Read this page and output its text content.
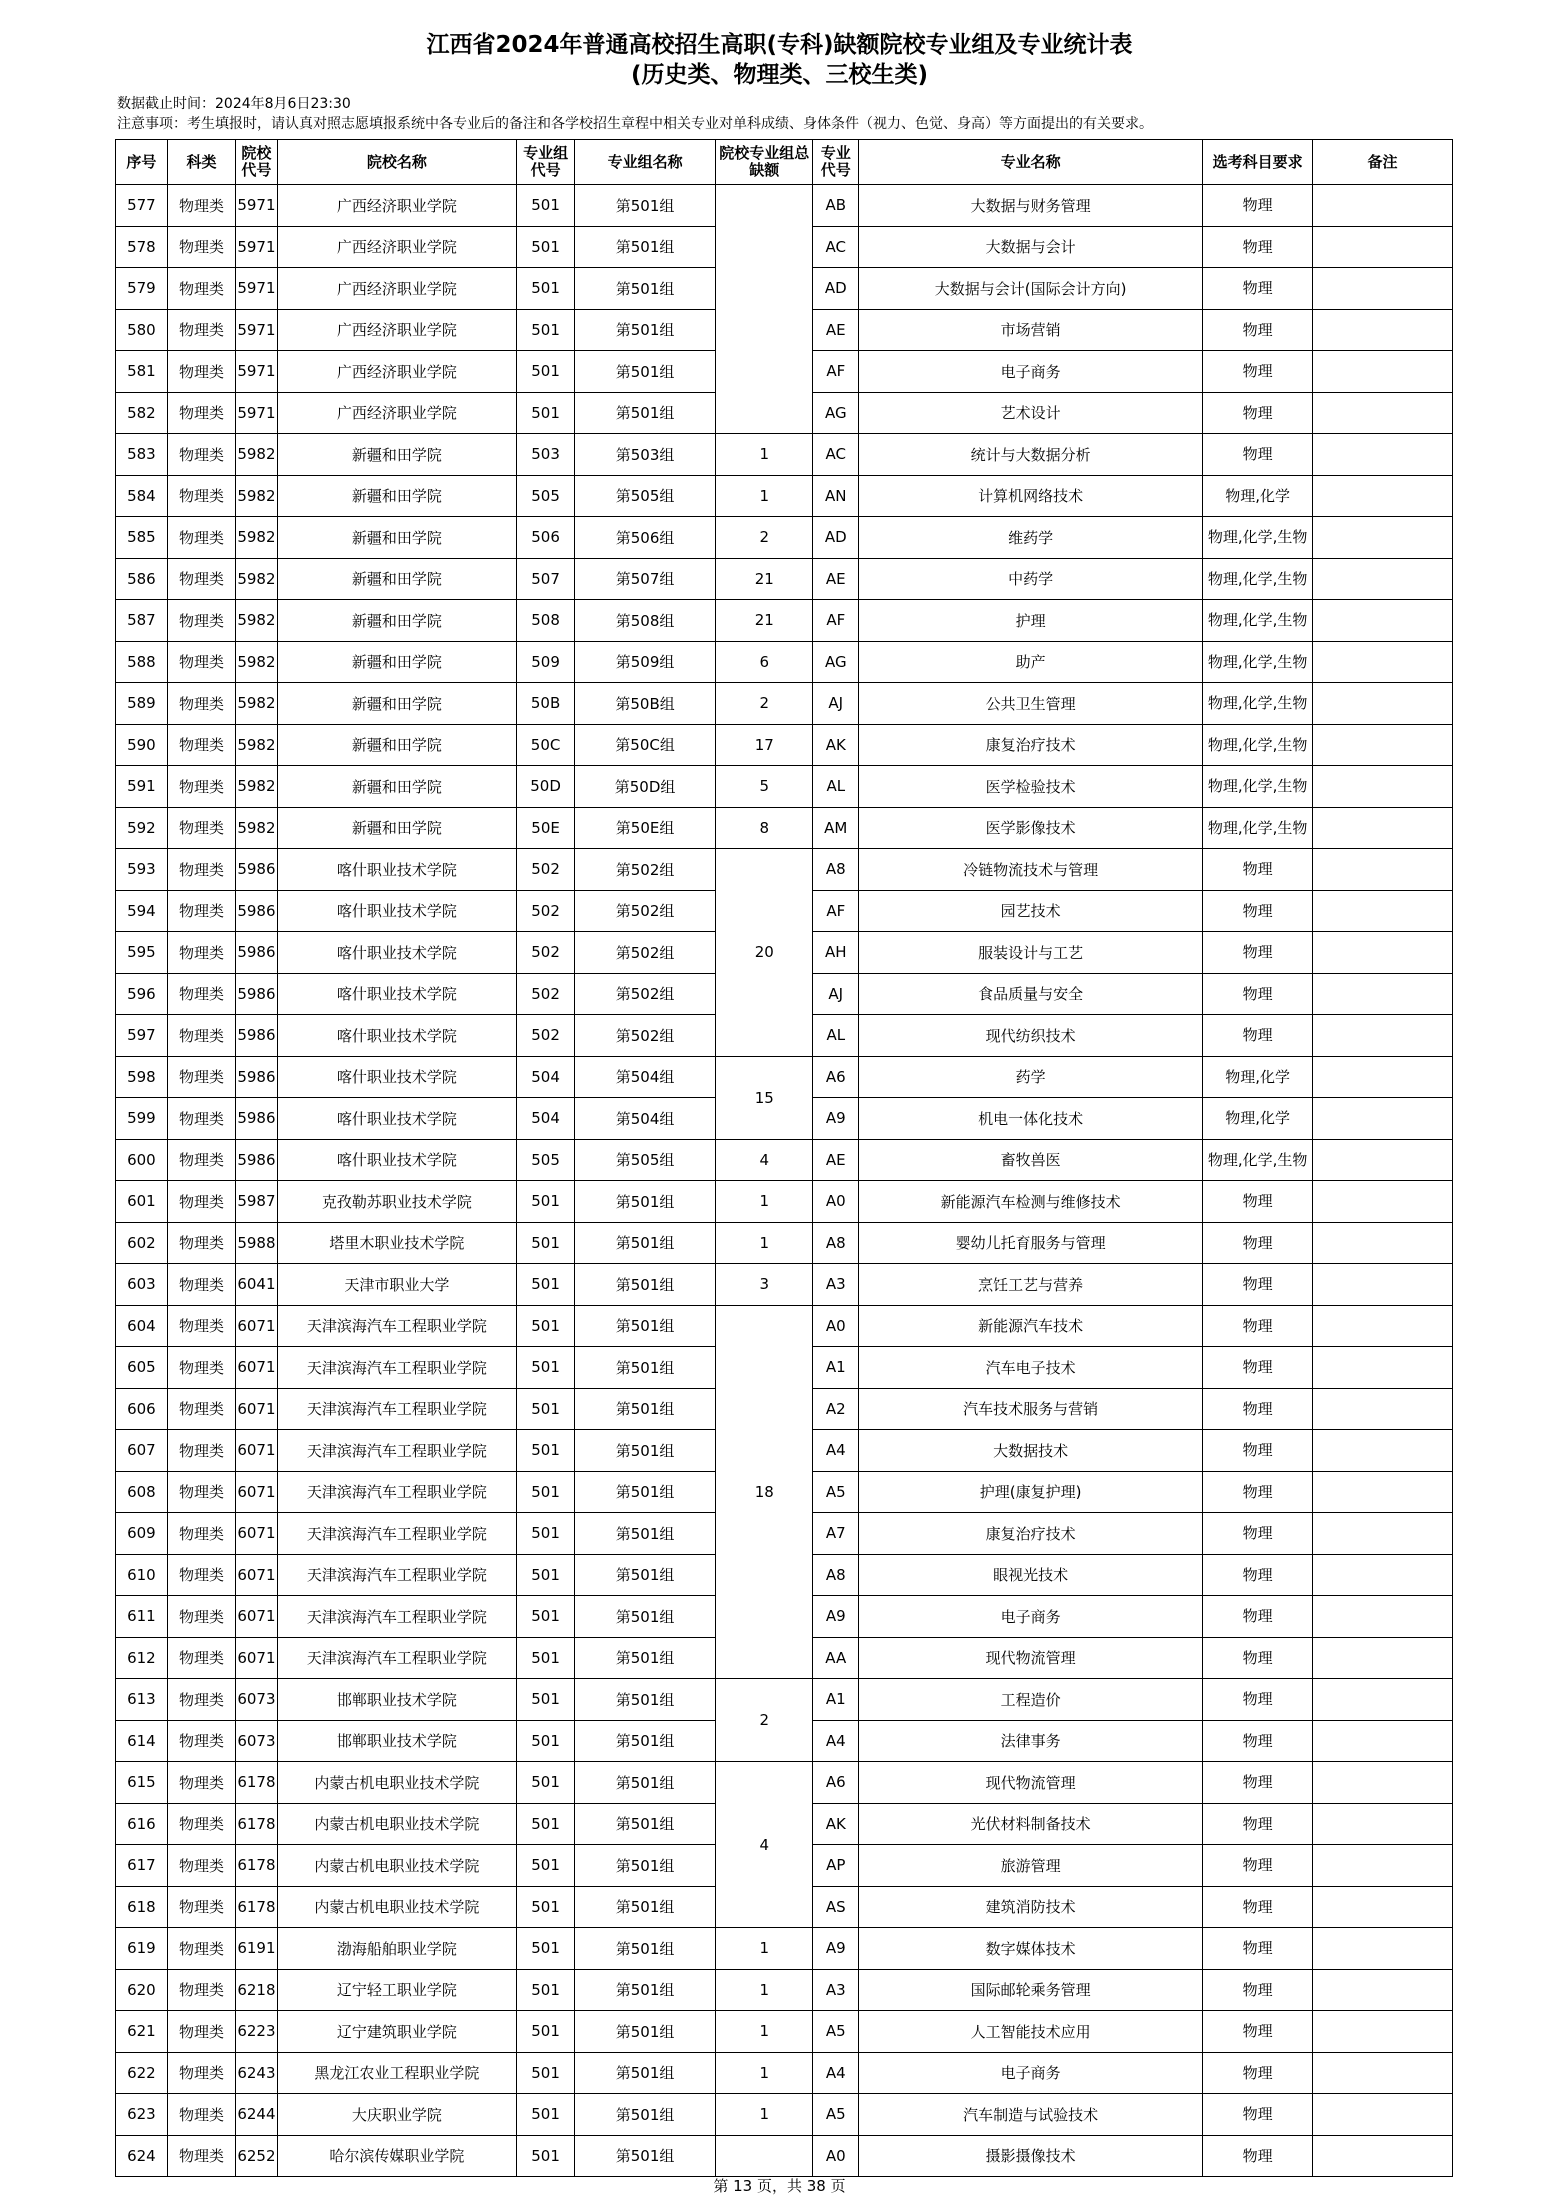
江西省2024年普通高校招生高职(专科)缺额院校专业组及专业统计表
(历史类、物理类、三校生类)
数据截止时间：2024年8月6日23:30
注意事项：考生填报时，请认真对照志愿填报系统中各专业后的备注和各学校招生章程中相关专业对单科成绩、身体条件（视力、色觉、身高）等方面提出的有关要求。
序号	科类	院校代号	院校名称	专业组代号	专业组名称	院校专业组总缺额	专业代号	专业名称	选考科目要求	备注
577	物理类	5971	广西经济职业学院	501	第501组		AB	大数据与财务管理	物理	
578	物理类	5971	广西经济职业学院	501	第501组		AC	大数据与会计	物理	
579	物理类	5971	广西经济职业学院	501	第501组		AD	大数据与会计(国际会计方向)	物理	
580	物理类	5971	广西经济职业学院	501	第501组		AE	市场营销	物理	
581	物理类	5971	广西经济职业学院	501	第501组		AF	电子商务	物理	
582	物理类	5971	广西经济职业学院	501	第501组		AG	艺术设计	物理	
583	物理类	5982	新疆和田学院	503	第503组	1	AC	统计与大数据分析	物理	
584	物理类	5982	新疆和田学院	505	第505组	1	AN	计算机网络技术	物理,化学	
585	物理类	5982	新疆和田学院	506	第506组	2	AD	维药学	物理,化学,生物	
586	物理类	5982	新疆和田学院	507	第507组	21	AE	中药学	物理,化学,生物	
587	物理类	5982	新疆和田学院	508	第508组	21	AF	护理	物理,化学,生物	
588	物理类	5982	新疆和田学院	509	第509组	6	AG	助产	物理,化学,生物	
589	物理类	5982	新疆和田学院	50B	第50B组	2	AJ	公共卫生管理	物理,化学,生物	
590	物理类	5982	新疆和田学院	50C	第50C组	17	AK	康复治疗技术	物理,化学,生物	
591	物理类	5982	新疆和田学院	50D	第50D组	5	AL	医学检验技术	物理,化学,生物	
592	物理类	5982	新疆和田学院	50E	第50E组	8	AM	医学影像技术	物理,化学,生物	
593	物理类	5986	喀什职业技术学院	502	第502组	20	A8	冷链物流技术与管理	物理	
594	物理类	5986	喀什职业技术学院	502	第502组		AF	园艺技术	物理	
595	物理类	5986	喀什职业技术学院	502	第502组		AH	服装设计与工艺	物理	
596	物理类	5986	喀什职业技术学院	502	第502组		AJ	食品质量与安全	物理	
597	物理类	5986	喀什职业技术学院	502	第502组		AL	现代纺织技术	物理	
598	物理类	5986	喀什职业技术学院	504	第504组	15	A6	药学	物理,化学	
599	物理类	5986	喀什职业技术学院	504	第504组		A9	机电一体化技术	物理,化学	
600	物理类	5986	喀什职业技术学院	505	第505组	4	AE	畜牧兽医	物理,化学,生物	
601	物理类	5987	克孜勒苏职业技术学院	501	第501组	1	A0	新能源汽车检测与维修技术	物理	
602	物理类	5988	塔里木职业技术学院	501	第501组	1	A8	婴幼儿托育服务与管理	物理	
603	物理类	6041	天津市职业大学	501	第501组	3	A3	烹饪工艺与营养	物理	
604	物理类	6071	天津滨海汽车工程职业学院	501	第501组	18	A0	新能源汽车技术	物理	
605	物理类	6071	天津滨海汽车工程职业学院	501	第501组		A1	汽车电子技术	物理	
606	物理类	6071	天津滨海汽车工程职业学院	501	第501组		A2	汽车技术服务与营销	物理	
607	物理类	6071	天津滨海汽车工程职业学院	501	第501组		A4	大数据技术	物理	
608	物理类	6071	天津滨海汽车工程职业学院	501	第501组		A5	护理(康复护理)	物理	
609	物理类	6071	天津滨海汽车工程职业学院	501	第501组		A7	康复治疗技术	物理	
610	物理类	6071	天津滨海汽车工程职业学院	501	第501组		A8	眼视光技术	物理	
611	物理类	6071	天津滨海汽车工程职业学院	501	第501组		A9	电子商务	物理	
612	物理类	6071	天津滨海汽车工程职业学院	501	第501组		AA	现代物流管理	物理	
613	物理类	6073	邯郸职业技术学院	501	第501组	2	A1	工程造价	物理	
614	物理类	6073	邯郸职业技术学院	501	第501组		A4	法律事务	物理	
615	物理类	6178	内蒙古机电职业技术学院	501	第501组	4	A6	现代物流管理	物理	
616	物理类	6178	内蒙古机电职业技术学院	501	第501组		AK	光伏材料制备技术	物理	
617	物理类	6178	内蒙古机电职业技术学院	501	第501组		AP	旅游管理	物理	
618	物理类	6178	内蒙古机电职业技术学院	501	第501组		AS	建筑消防技术	物理	
619	物理类	6191	渤海船舶职业学院	501	第501组	1	A9	数字媒体技术	物理	
620	物理类	6218	辽宁轻工职业学院	501	第501组	1	A3	国际邮轮乘务管理	物理	
621	物理类	6223	辽宁建筑职业学院	501	第501组	1	A5	人工智能技术应用	物理	
622	物理类	6243	黑龙江农业工程职业学院	501	第501组	1	A4	电子商务	物理	
623	物理类	6244	大庆职业学院	501	第501组	1	A5	汽车制造与试验技术	物理	
624	物理类	6252	哈尔滨传媒职业学院	501	第501组		A0	摄影摄像技术	物理	
第 13 页，共 38 页
